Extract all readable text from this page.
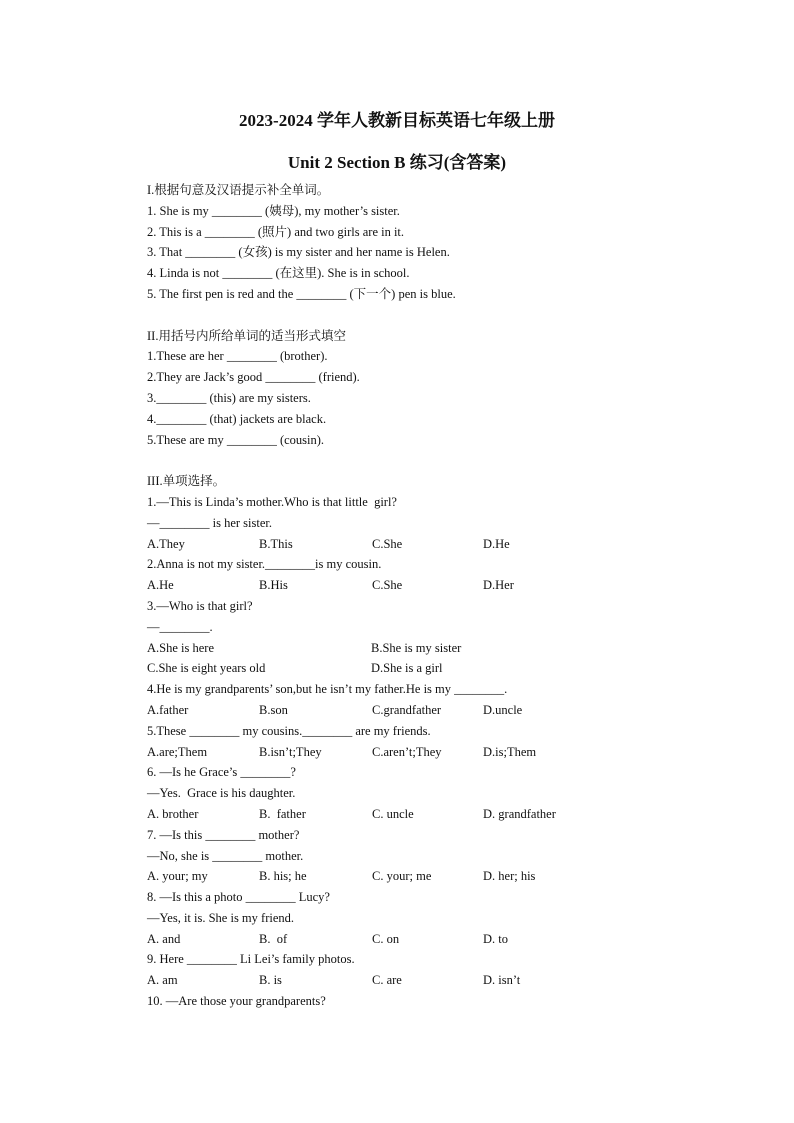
2023-2024 学年人教新目标英语七年级上册
Unit 2 Section B 练习(含答案)
I.根据句意及汉语提示补全单词。
1. She is my ________ (姨母), my mother’s sister.
2. This is a ________ (照片) and two girls are in it.
3. That ________ (女孩) is my sister and her name is Helen.
4. Linda is not ________ (在这里). She is in school.
5. The first pen is red and the ________ (下一个) pen is blue.
II.用括号内所给单词的适当形式填空
1.These are her ________ (brother).
2.They are Jack’s good ________ (friend).
3.________ (this) are my sisters.
4.________ (that) jackets are black.
5.These are my ________ (cousin).
III.单项选择。
1.—This is Linda’s mother.Who is that little  girl?
—________ is her sister.
A.They	B.This	C.She	D.He
2.Anna is not my sister.________is my cousin.
A.He	B.His	C.She	D.Her
3.—Who is that girl?
—________.
A.She is here	B.She is my sister
C.She is eight years old	D.She is a girl
4.He is my grandparents’ son,but he isn’t my father.He is my ________.
A.father	B.son	C.grandfather	D.uncle
5.These ________ my cousins.________ are my friends.
A.are;Them	B.isn’t;They	C.aren’t;They	D.is;Them
6. —Is he Grace’s ________?
—Yes.  Grace is his daughter.
A. brother	B.  father	C. uncle	D. grandfather
7. —Is this ________ mother?
—No, she is ________ mother.
A. your; my	B. his; he	C. your; me	D. her; his
8. —Is this a photo ________ Lucy?
—Yes, it is. She is my friend.
A. and	B.  of	C. on	D. to
9. Here ________ Li Lei’s family photos.
A. am	B. is	C. are	D. isn’t
10. —Are those your grandparents?
